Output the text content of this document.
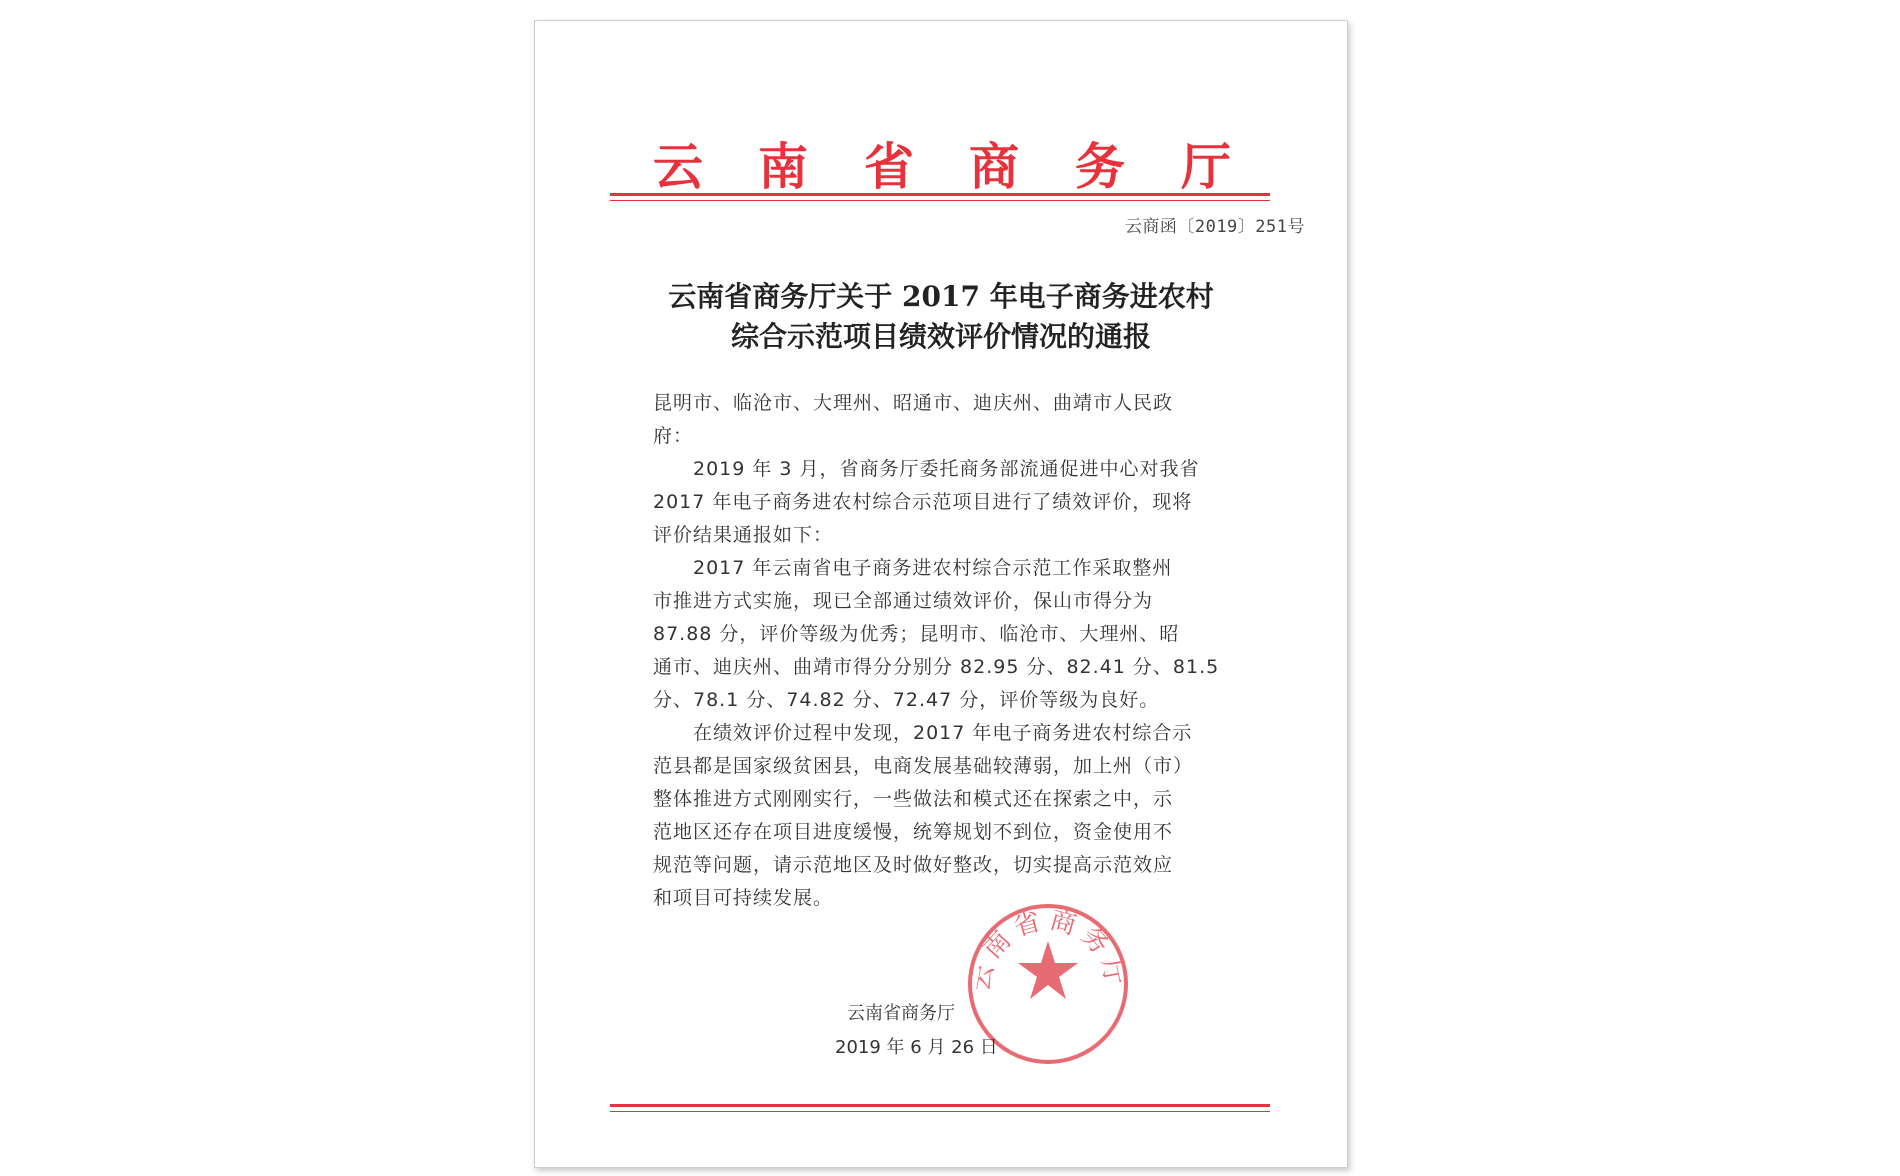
云 南 省 商 务 厅
云商函〔2019〕251号
云南省商务厅关于 2017 年电子商务进农村
综合示范项目绩效评价情况的通报
昆明市、临沧市、大理州、昭通市、迪庆州、曲靖市人民政
府：
　　2019 年 3 月，省商务厅委托商务部流通促进中心对我省
2017 年电子商务进农村综合示范项目进行了绩效评价，现将
评价结果通报如下：
　　2017 年云南省电子商务进农村综合示范工作采取整州
市推进方式实施，现已全部通过绩效评价，保山市得分为
87.88 分，评价等级为优秀；昆明市、临沧市、大理州、昭
通市、迪庆州、曲靖市得分分别分 82.95 分、82.41 分、81.5
分、78.1 分、74.82 分、72.47 分，评价等级为良好。
　　在绩效评价过程中发现，2017 年电子商务进农村综合示
范县都是国家级贫困县，电商发展基础较薄弱，加上州（市）
整体推进方式刚刚实行，一些做法和模式还在探索之中，示
范地区还存在项目进度缓慢，统筹规划不到位，资金使用不
规范等问题，请示范地区及时做好整改，切实提高示范效应
和项目可持续发展。
云南省商务厅
云南省商务厅
2019 年 6 月 26 日
